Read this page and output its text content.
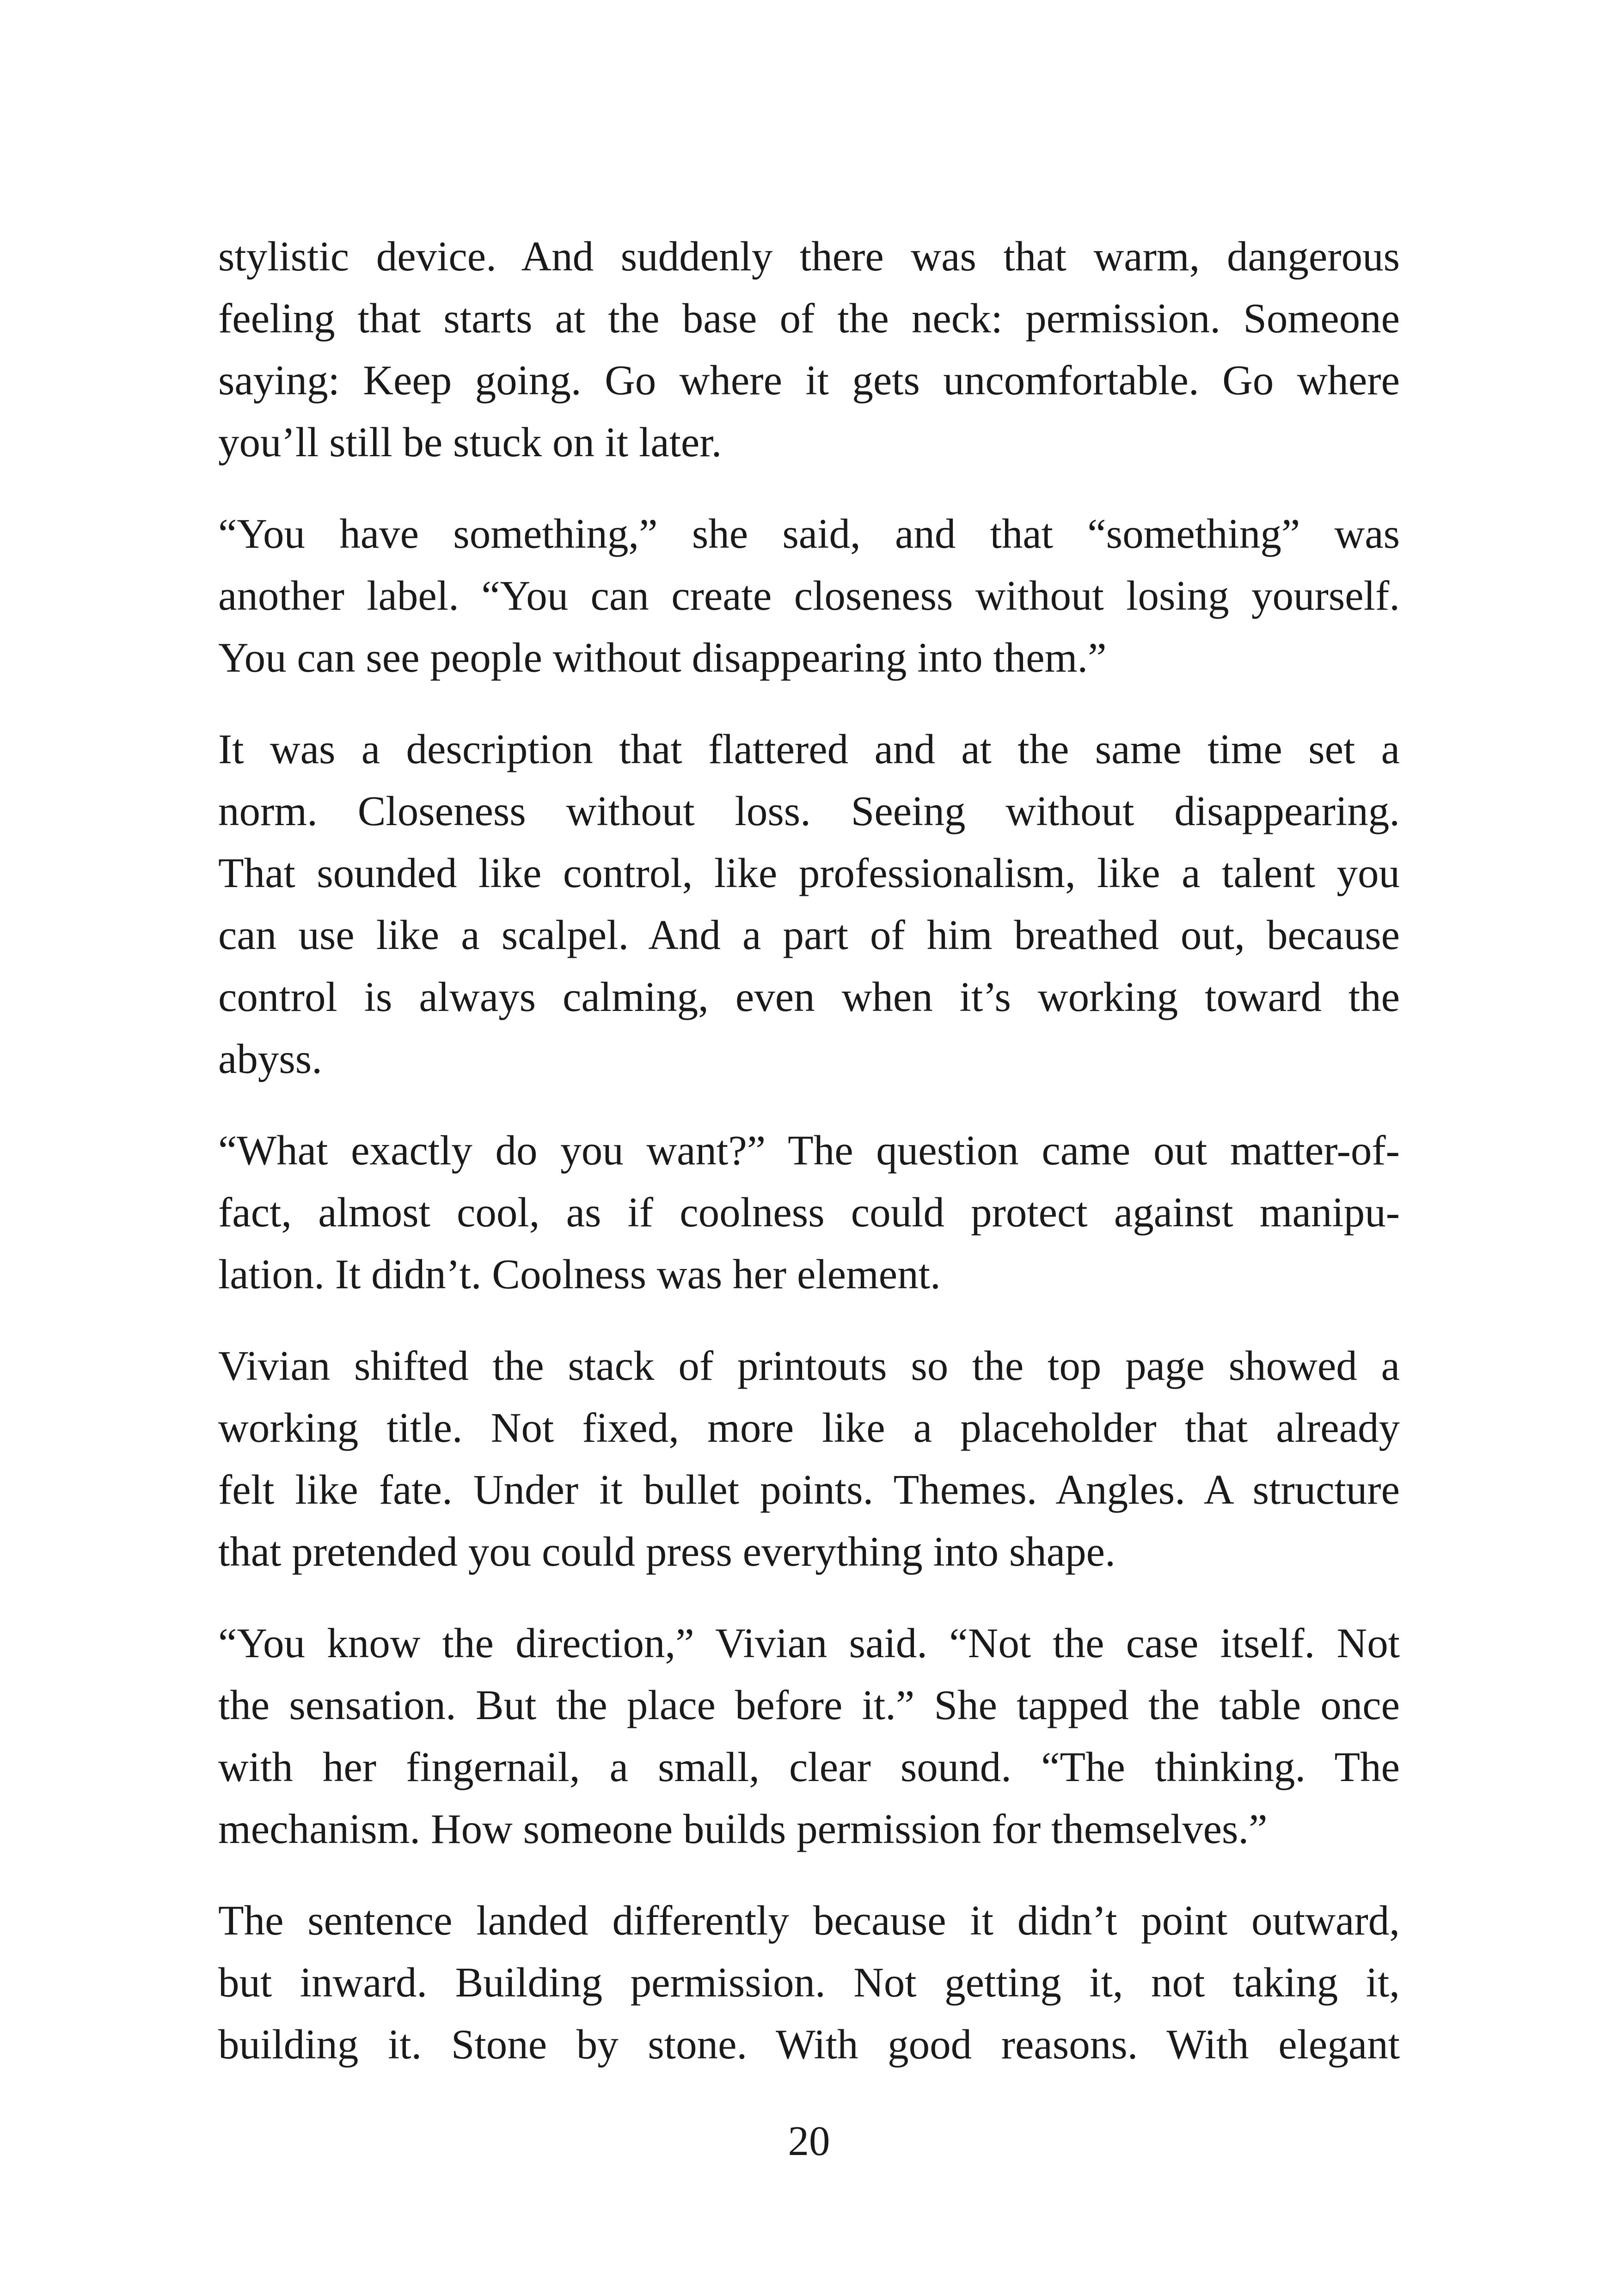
stylistic device. And suddenly there was that warm, dangerous
feeling that starts at the base of the neck: permission. Someone
saying: Keep going. Go where it gets uncomfortable. Go where
you’ll still be stuck on it later.
“You have something,” she said, and that “something” was
another label. “You can create closeness without losing yourself.
You can see people without disappearing into them.”
It was a description that flattered and at the same time set a
norm. Closeness without loss. Seeing without disappearing.
That sounded like control, like professionalism, like a talent you
can use like a scalpel. And a part of him breathed out, because
control is always calming, even when it’s working toward the
abyss.
“What exactly do you want?” The question came out matter-of-
fact, almost cool, as if coolness could protect against manipu-
lation. It didn’t. Coolness was her element.
Vivian shifted the stack of printouts so the top page showed a
working title. Not fixed, more like a placeholder that already
felt like fate. Under it bullet points. Themes. Angles. A structure
that pretended you could press everything into shape.
“You know the direction,” Vivian said. “Not the case itself. Not
the sensation. But the place before it.” She tapped the table once
with her fingernail, a small, clear sound. “The thinking. The
mechanism. How someone builds permission for themselves.”
The sentence landed differently because it didn’t point outward,
but inward. Building permission. Not getting it, not taking it,
building it. Stone by stone. With good reasons. With elegant
20
